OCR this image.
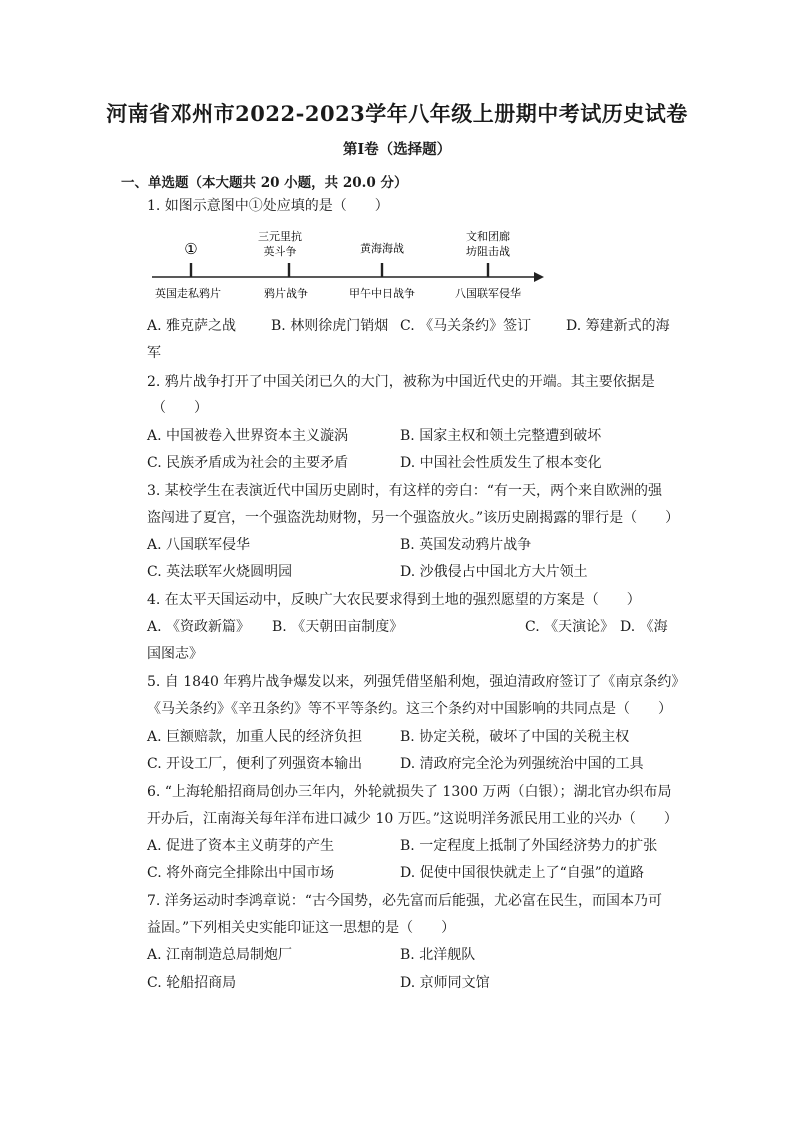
河南省邓州市2022-2023学年八年级上册期中考试历史试卷
第I卷（选择题）
一、单选题（本大题共 20 小题，共 20.0 分）
1. 如图示意图中①处应填的是（　　）
①
三元里抗
英斗争	黄海海战
文和团廊
坊阻击战
英国走私鸦片	鸦片战争	甲午中日战争	八国联军侵华
A. 雅克萨之战 B. 林则徐虎门销烟 C. 《马关条约》签订 D. 筹建新式的海
军
2. 鸦片战争打开了中国关闭已久的大门，被称为中国近代史的开端。其主要依据是
（　　）
A. 中国被卷入世界资本主义漩涡	B. 国家主权和领土完整遭到破坏
C. 民族矛盾成为社会的主要矛盾	D. 中国社会性质发生了根本变化
3. 某校学生在表演近代中国历史剧时，有这样的旁白：“有一天，两个来自欧洲的强
盗闯进了夏宫，一个强盗洗劫财物，另一个强盗放火。”该历史剧揭露的罪行是（　　）
A. 八国联军侵华	B. 英国发动鸦片战争
C. 英法联军火烧圆明园	D. 沙俄侵占中国北方大片领土
4. 在太平天国运动中，反映广大农民要求得到土地的强烈愿望的方案是（　　）
A. 《资政新篇》 B. 《天朝田亩制度》	C. 《天演论》 D. 《海
国图志》
5. 自 1840 年鸦片战争爆发以来，列强凭借坚船利炮，强迫清政府签订了《南京条约》
《马关条约》《辛丑条约》等不平等条约。这三个条约对中国影响的共同点是（　　）
A. 巨额赔款，加重人民的经济负担	B. 协定关税，破坏了中国的关税主权
C. 开设工厂，便利了列强资本输出	D. 清政府完全沦为列强统治中国的工具
6. “上海轮船招商局创办三年内，外轮就损失了 1300 万两（白银）；湖北官办织布局
开办后，江南海关每年洋布进口减少 10 万匹。”这说明洋务派民用工业的兴办（　　）
A. 促进了资本主义萌芽的产生	B. 一定程度上抵制了外国经济势力的扩张
C. 将外商完全排除出中国市场	D. 促使中国很快就走上了“自强”的道路
7. 洋务运动时李鸿章说：“古今国势，必先富而后能强，尤必富在民生，而国本乃可
益固。”下列相关史实能印证这一思想的是（　　）
A. 江南制造总局制炮厂	B. 北洋舰队
C. 轮船招商局	D. 京师同文馆
